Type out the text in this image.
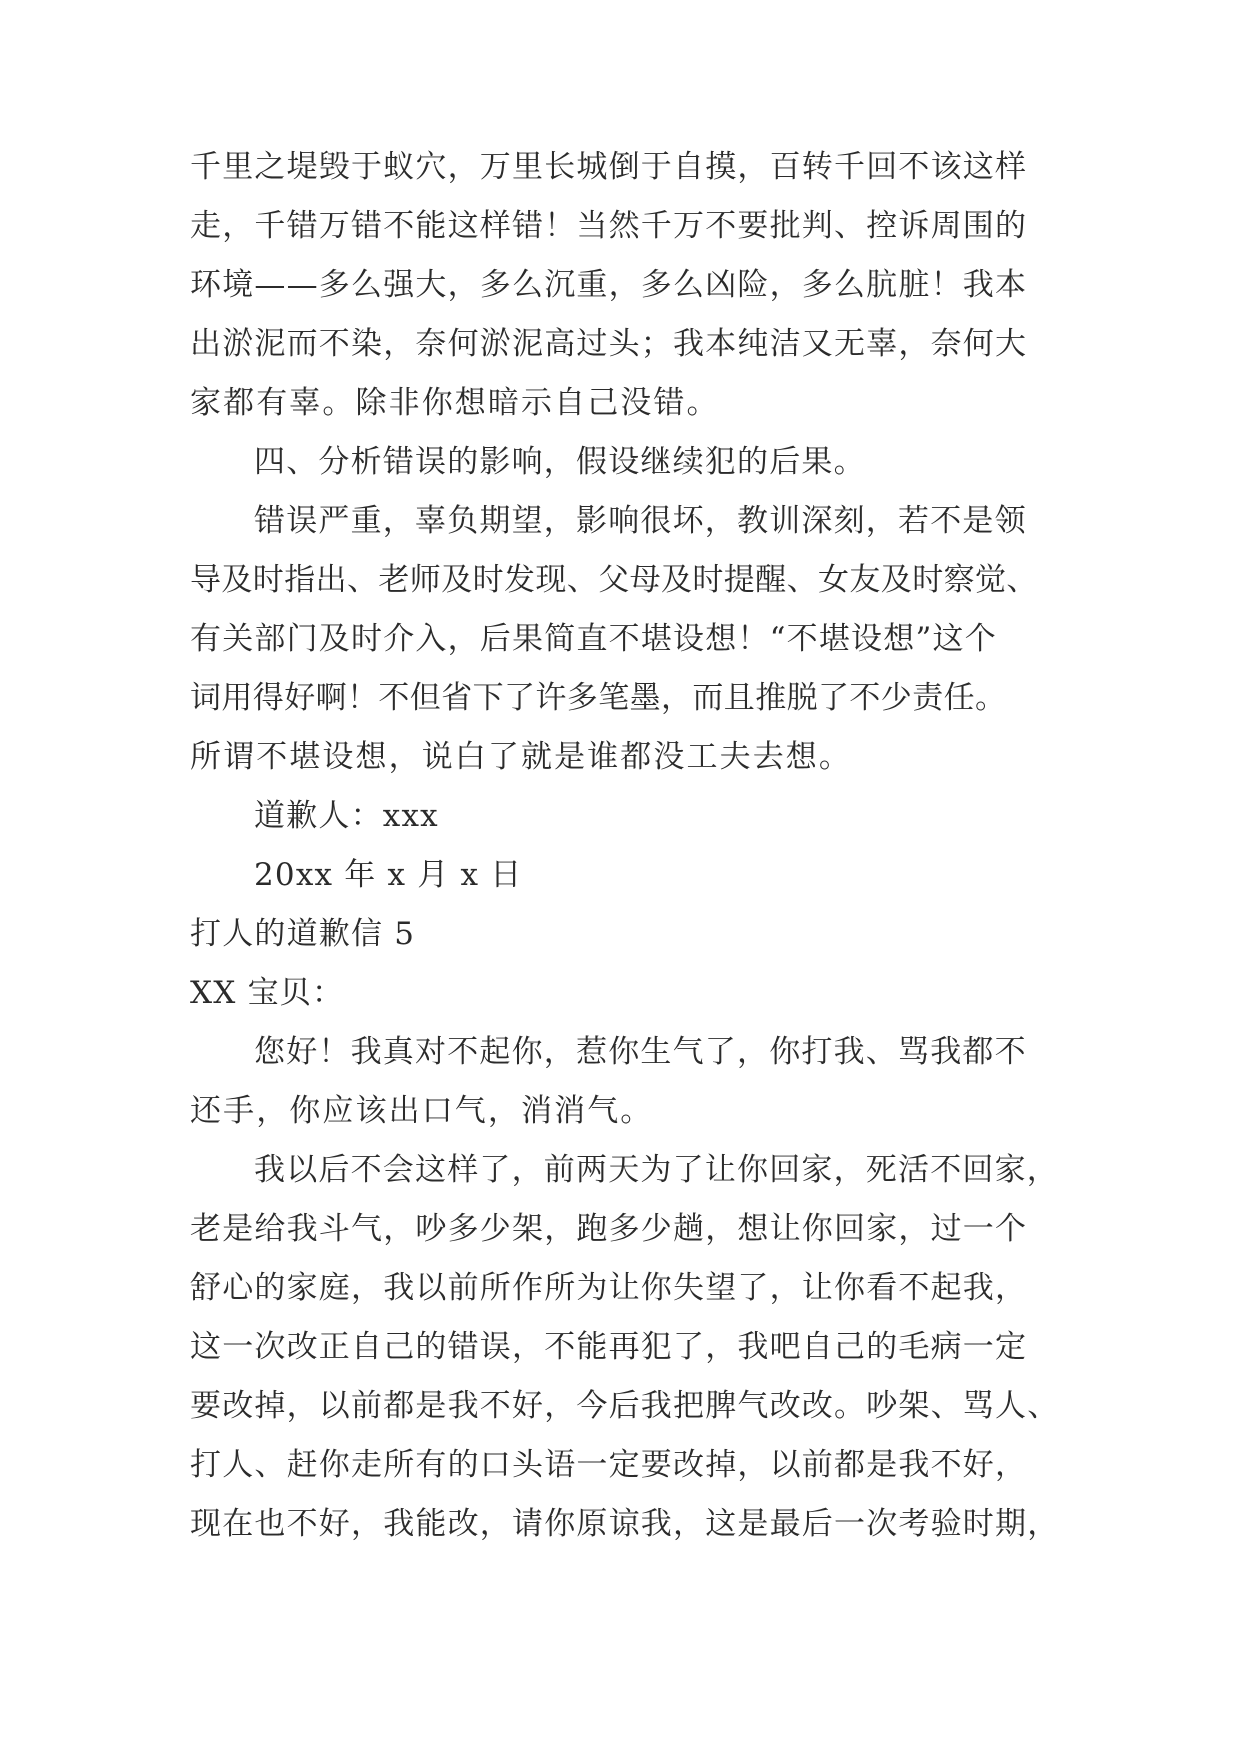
千里之堤毁于蚁穴，万里长城倒于自摸，百转千回不该这样
走，千错万错不能这样错！当然千万不要批判、控诉周围的
环境——多么强大，多么沉重，多么凶险，多么肮脏！我本
出淤泥而不染，奈何淤泥高过头；我本纯洁又无辜，奈何大
家都有辜。除非你想暗示自己没错。
四、分析错误的影响，假设继续犯的后果。
错误严重，辜负期望，影响很坏，教训深刻，若不是领
导及时指出、老师及时发现、父母及时提醒、女友及时察觉、
有关部门及时介入，后果简直不堪设想！“不堪设想”这个
词用得好啊！不但省下了许多笔墨，而且推脱了不少责任。
所谓不堪设想，说白了就是谁都没工夫去想。
道歉人：xxx
20xx 年 x 月 x 日
打人的道歉信 5
XX 宝贝：
您好！我真对不起你，惹你生气了，你打我、骂我都不
还手，你应该出口气，消消气。
我以后不会这样了，前两天为了让你回家，死活不回家，
老是给我斗气，吵多少架，跑多少趟，想让你回家，过一个
舒心的家庭，我以前所作所为让你失望了，让你看不起我，
这一次改正自己的错误，不能再犯了，我吧自己的毛病一定
要改掉，以前都是我不好，今后我把脾气改改。吵架、骂人、
打人、赶你走所有的口头语一定要改掉，以前都是我不好，
现在也不好，我能改，请你原谅我，这是最后一次考验时期，
